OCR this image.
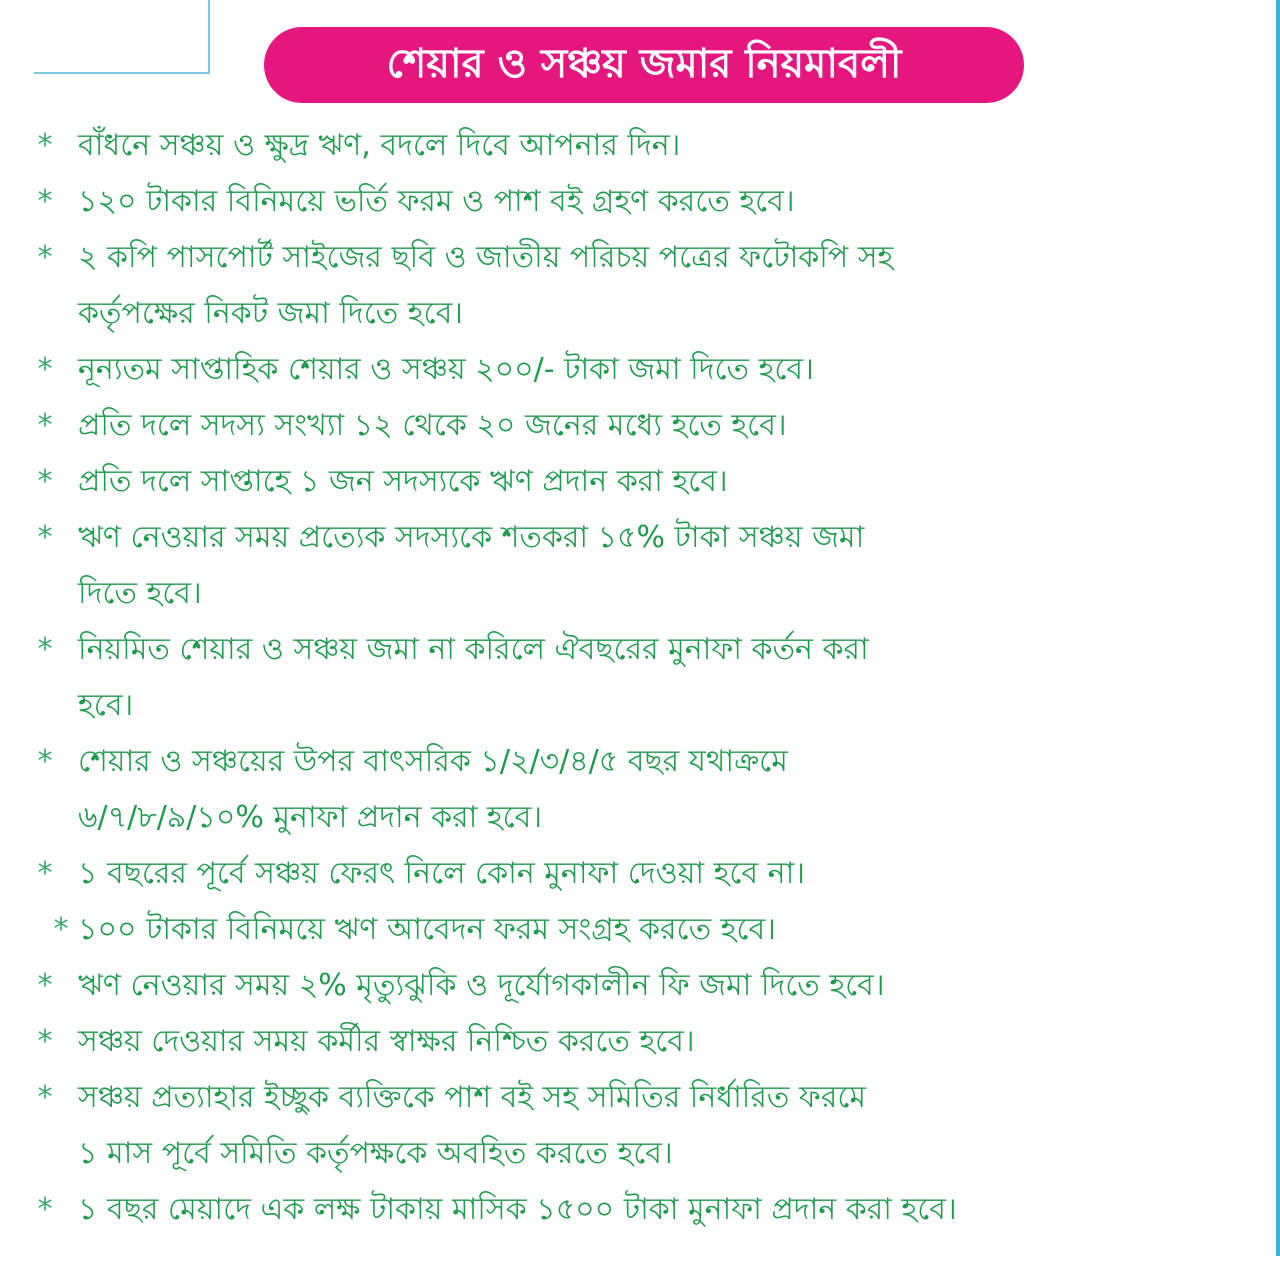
শেয়ার ও সঞ্চয় জমার নিয়মাবলী
* বাঁধনে সঞ্চয় ও ক্ষুদ্র ঋণ, বদলে দিবে আপনার দিন।
* ১২০ টাকার বিনিময়ে ভর্তি ফরম ও পাশ বই গ্রহণ করতে হবে।
* ২ কপি পাসপোর্ট সাইজের ছবি ও জাতীয় পরিচয় পত্রের ফটোকপি সহ
কর্তৃপক্ষের নিকট জমা দিতে হবে।
* নূন্যতম সাপ্তাহিক শেয়ার ও সঞ্চয় ২০০/- টাকা জমা দিতে হবে।
* প্রতি দলে সদস্য সংখ্যা ১২ থেকে ২০ জনের মধ্যে হতে হবে।
* প্রতি দলে সাপ্তাহে ১ জন সদস্যকে ঋণ প্রদান করা হবে।
* ঋণ নেওয়ার সময় প্রত্যেক সদস্যকে শতকরা ১৫% টাকা সঞ্চয় জমা
দিতে হবে।
* নিয়মিত শেয়ার ও সঞ্চয় জমা না করিলে ঐবছরের মুনাফা কর্তন করা
হবে।
* শেয়ার ও সঞ্চয়ের উপর বাৎসরিক ১/২/৩/৪/৫ বছর যথাক্রমে
৬/৭/৮/৯/১০% মুনাফা প্রদান করা হবে।
* ১ বছরের পূর্বে সঞ্চয় ফেরৎ নিলে কোন মুনাফা দেওয়া হবে না।
* ১০০ টাকার বিনিময়ে ঋণ আবেদন ফরম সংগ্রহ করতে হবে।
* ঋণ নেওয়ার সময় ২% মৃত্যুঝুকি ও দূর্যোগকালীন ফি জমা দিতে হবে।
* সঞ্চয় দেওয়ার সময় কর্মীর স্বাক্ষর নিশ্চিত করতে হবে।
* সঞ্চয় প্রত্যাহার ইচ্ছুক ব্যক্তিকে পাশ বই সহ সমিতির নির্ধারিত ফরমে
১ মাস পূর্বে সমিতি কর্তৃপক্ষকে অবহিত করতে হবে।
* ১ বছর মেয়াদে এক লক্ষ টাকায় মাসিক ১৫০০ টাকা মুনাফা প্রদান করা হবে।
